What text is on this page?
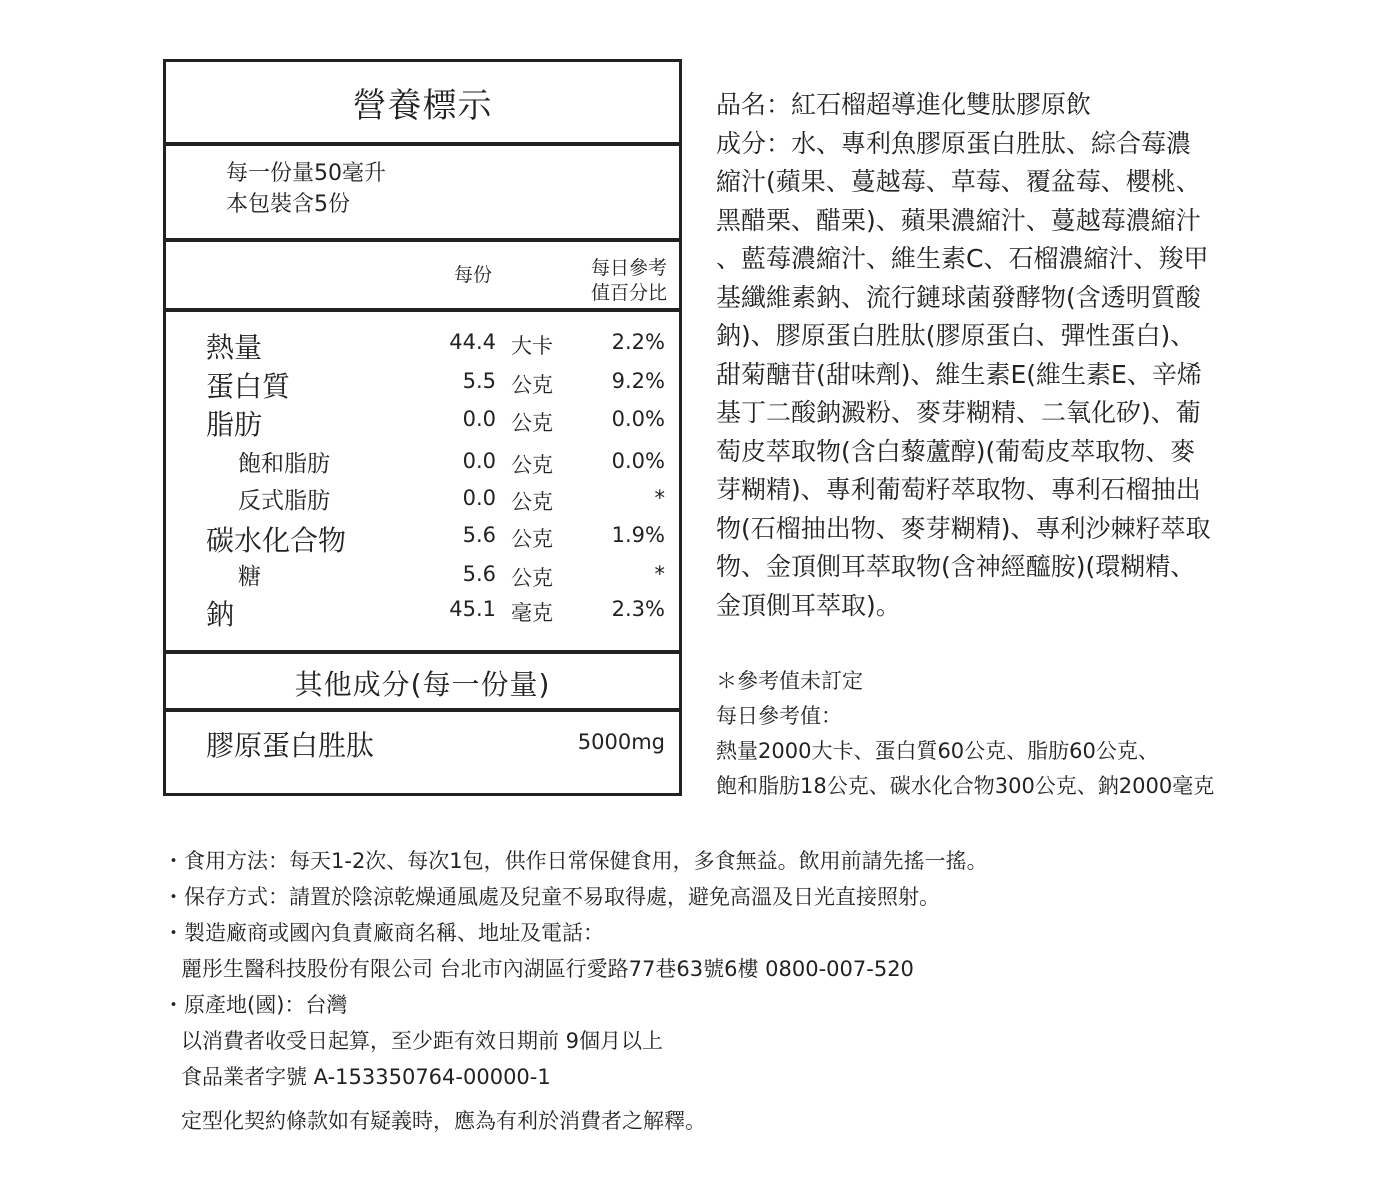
營養標示
每一份量50毫升
本包裝含5份
每份	每日參考
值百分比
熱量	44.4 大卡	2.2%
蛋白質	5.5 公克	9.2%
脂肪	0.0 公克	0.0%
飽和脂肪	0.0 公克	0.0%
反式脂肪	0.0 公克	*
碳水化合物	5.6 公克	1.9%
糖	5.6 公克	*
鈉	45.1 毫克	2.3%
其他成分(每一份量)
膠原蛋白胜肽	5000mg
品名：紅石榴超導進化雙肽膠原飲
成分：水、專利魚膠原蛋白胜肽、綜合莓濃
縮汁(蘋果、蔓越莓、草莓、覆盆莓、櫻桃、
黑醋栗、醋栗)、蘋果濃縮汁、蔓越莓濃縮汁
、藍莓濃縮汁、維生素C、石榴濃縮汁、羧甲
基纖維素鈉、流行鏈球菌發酵物(含透明質酸
鈉)、膠原蛋白胜肽(膠原蛋白、彈性蛋白)、
甜菊醣苷(甜味劑)、維生素E(維生素E、辛烯
基丁二酸鈉澱粉、麥芽糊精、二氧化矽)、葡
萄皮萃取物(含白藜蘆醇)(葡萄皮萃取物、麥
芽糊精)、專利葡萄籽萃取物、專利石榴抽出
物(石榴抽出物、麥芽糊精)、專利沙棘籽萃取
物、金頂側耳萃取物(含神經醯胺)(環糊精、
金頂側耳萃取)。
＊參考值未訂定
每日參考值：
熱量2000大卡、蛋白質60公克、脂肪60公克、
飽和脂肪18公克、碳水化合物300公克、鈉2000毫克
・食用方法：每天1-2次、每次1包，供作日常保健食用，多食無益。飲用前請先搖一搖。
・保存方式：請置於陰涼乾燥通風處及兒童不易取得處，避免高溫及日光直接照射。
・製造廠商或國內負責廠商名稱、地址及電話：
麗彤生醫科技股份有限公司 台北市內湖區行愛路77巷63號6樓 0800-007-520
・原產地(國)：台灣
以消費者收受日起算，至少距有效日期前 9個月以上
食品業者字號 A-153350764-00000-1
定型化契約條款如有疑義時，應為有利於消費者之解釋。
